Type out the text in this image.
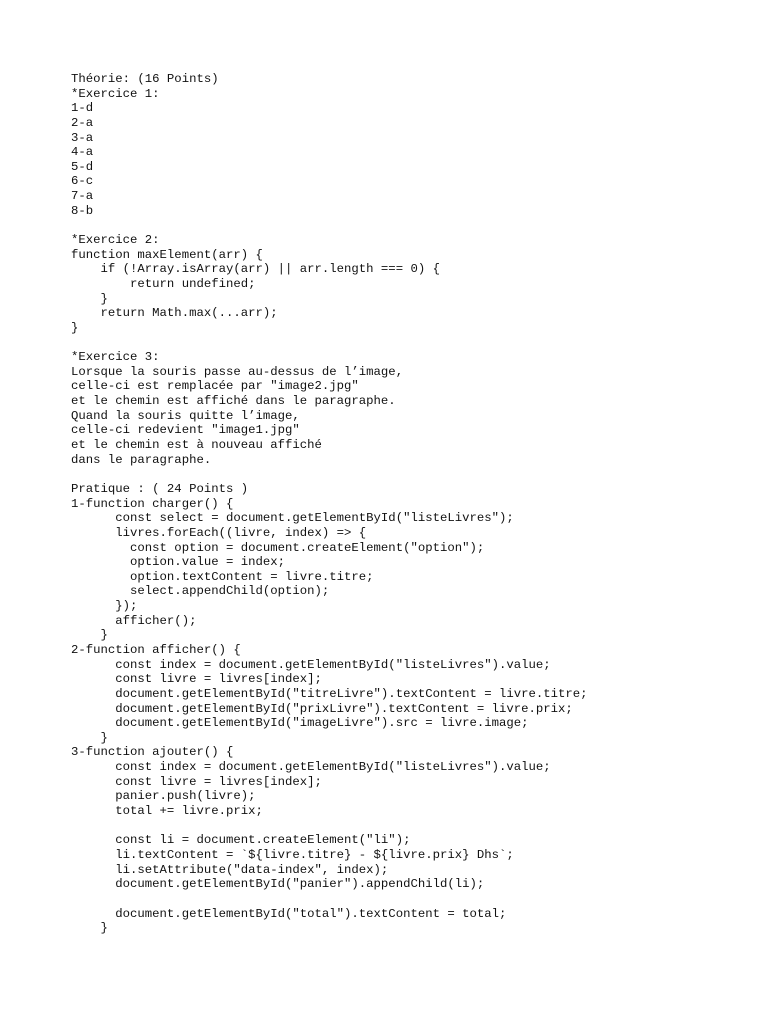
Théorie: (16 Points)
*Exercice 1:
1-d
2-a
3-a
4-a
5-d
6-c
7-a
8-b
*Exercice 2:
function maxElement(arr) {
if (!Array.isArray(arr) || arr.length === 0) {
return undefined;
}
return Math.max(...arr);
}
*Exercice 3:
Lorsque la souris passe au-dessus de l’image,
celle-ci est remplacée par "image2.jpg"
et le chemin est affiché dans le paragraphe.
Quand la souris quitte l’image,
celle-ci redevient "image1.jpg"
et le chemin est à nouveau affiché
dans le paragraphe.
Pratique : ( 24 Points )
1-function charger() {
const select = document.getElementById("listeLivres");
livres.forEach((livre, index) => {
const option = document.createElement("option");
option.value = index;
option.textContent = livre.titre;
select.appendChild(option);
});
afficher();
}
2-function afficher() {
const index = document.getElementById("listeLivres").value;
const livre = livres[index];
document.getElementById("titreLivre").textContent = livre.titre;
document.getElementById("prixLivre").textContent = livre.prix;
document.getElementById("imageLivre").src = livre.image;
}
3-function ajouter() {
const index = document.getElementById("listeLivres").value;
const livre = livres[index];
panier.push(livre);
total += livre.prix;
const li = document.createElement("li");
li.textContent = `${livre.titre} - ${livre.prix} Dhs`;
li.setAttribute("data-index", index);
document.getElementById("panier").appendChild(li);
document.getElementById("total").textContent = total;
}
